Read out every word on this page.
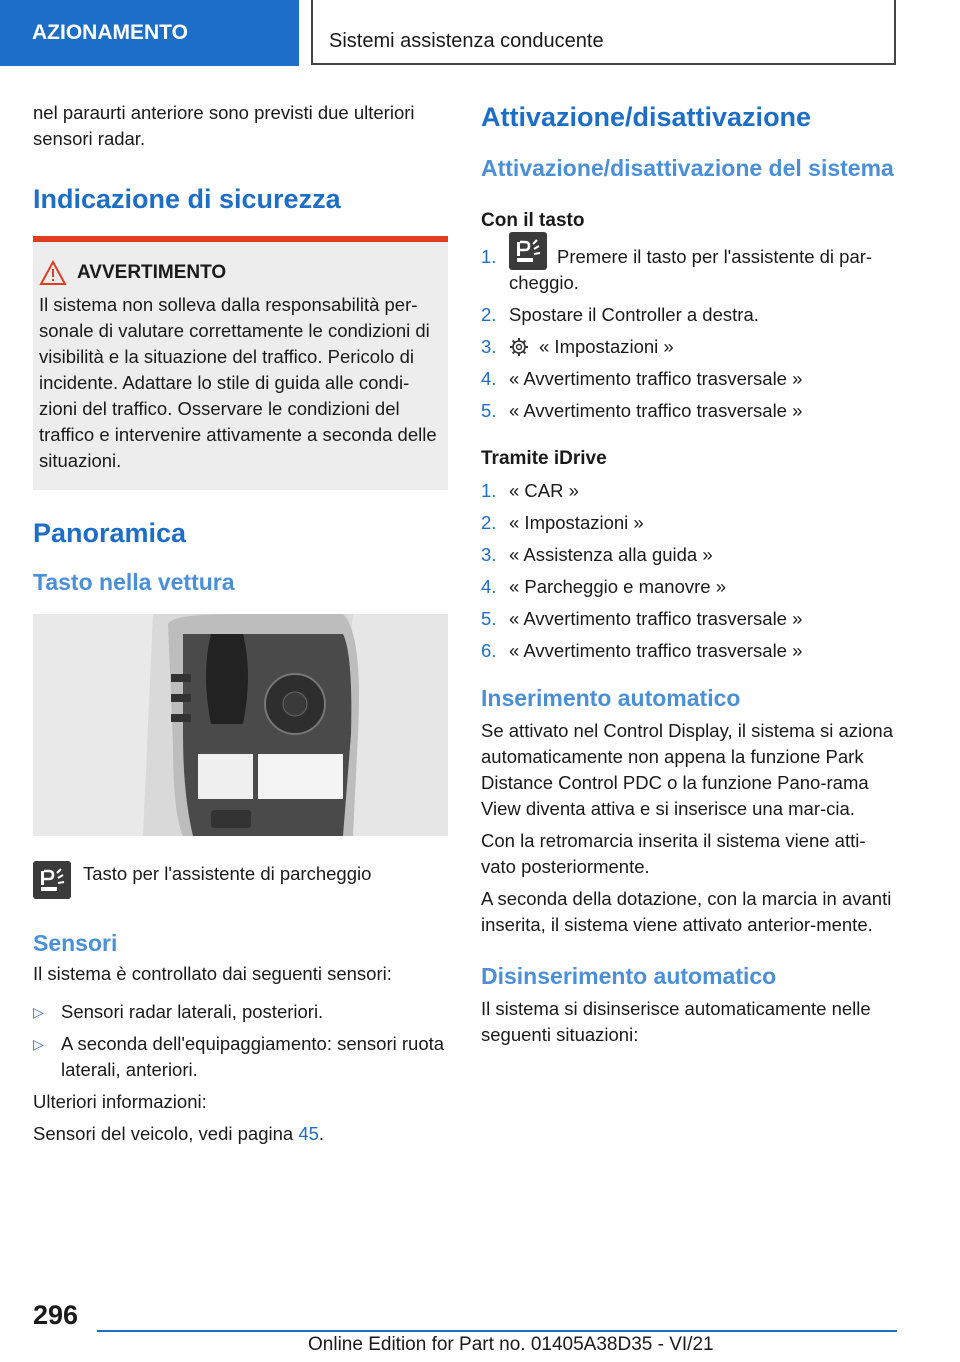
AZIONAMENTO	Sistemi assistenza conducente

nel paraurti anteriore sono previsti due ulteriori sensori radar.

Indicazione di sicurezza
AVVERTIMENTO

Il sistema non solleva dalla responsabilità per-sonale di valutare correttamente le condizioni di visibilità e la situazione del traffico. Pericolo di incidente. Adattare lo stile di guida alle condi-zioni del traffico. Osservare le condizioni del traffico e intervenire attivamente a seconda delle situazioni.

Panoramica
Tasto nella vettura

Tasto per l'assistente di parcheggio

Sensori

Il sistema è controllato dai seguenti sensori:

▷ Sensori radar laterali, posteriori.
▷ A seconda dell'equipaggiamento: sensori ruota laterali, anteriori.

Ulteriori informazioni:

Sensori del veicolo, vedi pagina 45.

Attivazione/disattivazione
Attivazione/disattivazione del sistema
Con il tasto
1.	Premere il tasto per l'assistente di par-cheggio.
2. Spostare il Controller a destra.
3.	« Impostazioni »
4. « Avvertimento traffico trasversale »
5. « Avvertimento traffico trasversale »
Tramite iDrive
1. « CAR »
2. « Impostazioni »
3. « Assistenza alla guida »
4. « Parcheggio e manovre »
5. « Avvertimento traffico trasversale »
6. « Avvertimento traffico trasversale »
Inserimento automatico

Se attivato nel Control Display, il sistema si aziona automaticamente non appena la funzione Park Distance Control PDC o la funzione Pano-rama View diventa attiva e si inserisce una mar-cia.

Con la retromarcia inserita il sistema viene atti-vato posteriormente.

A seconda della dotazione, con la marcia in avanti inserita, il sistema viene attivato anterior-mente.

Disinserimento automatico

Il sistema si disinserisce automaticamente nelle seguenti situazioni:

296
Online Edition for Part no. 01405A38D35 - VI/21
